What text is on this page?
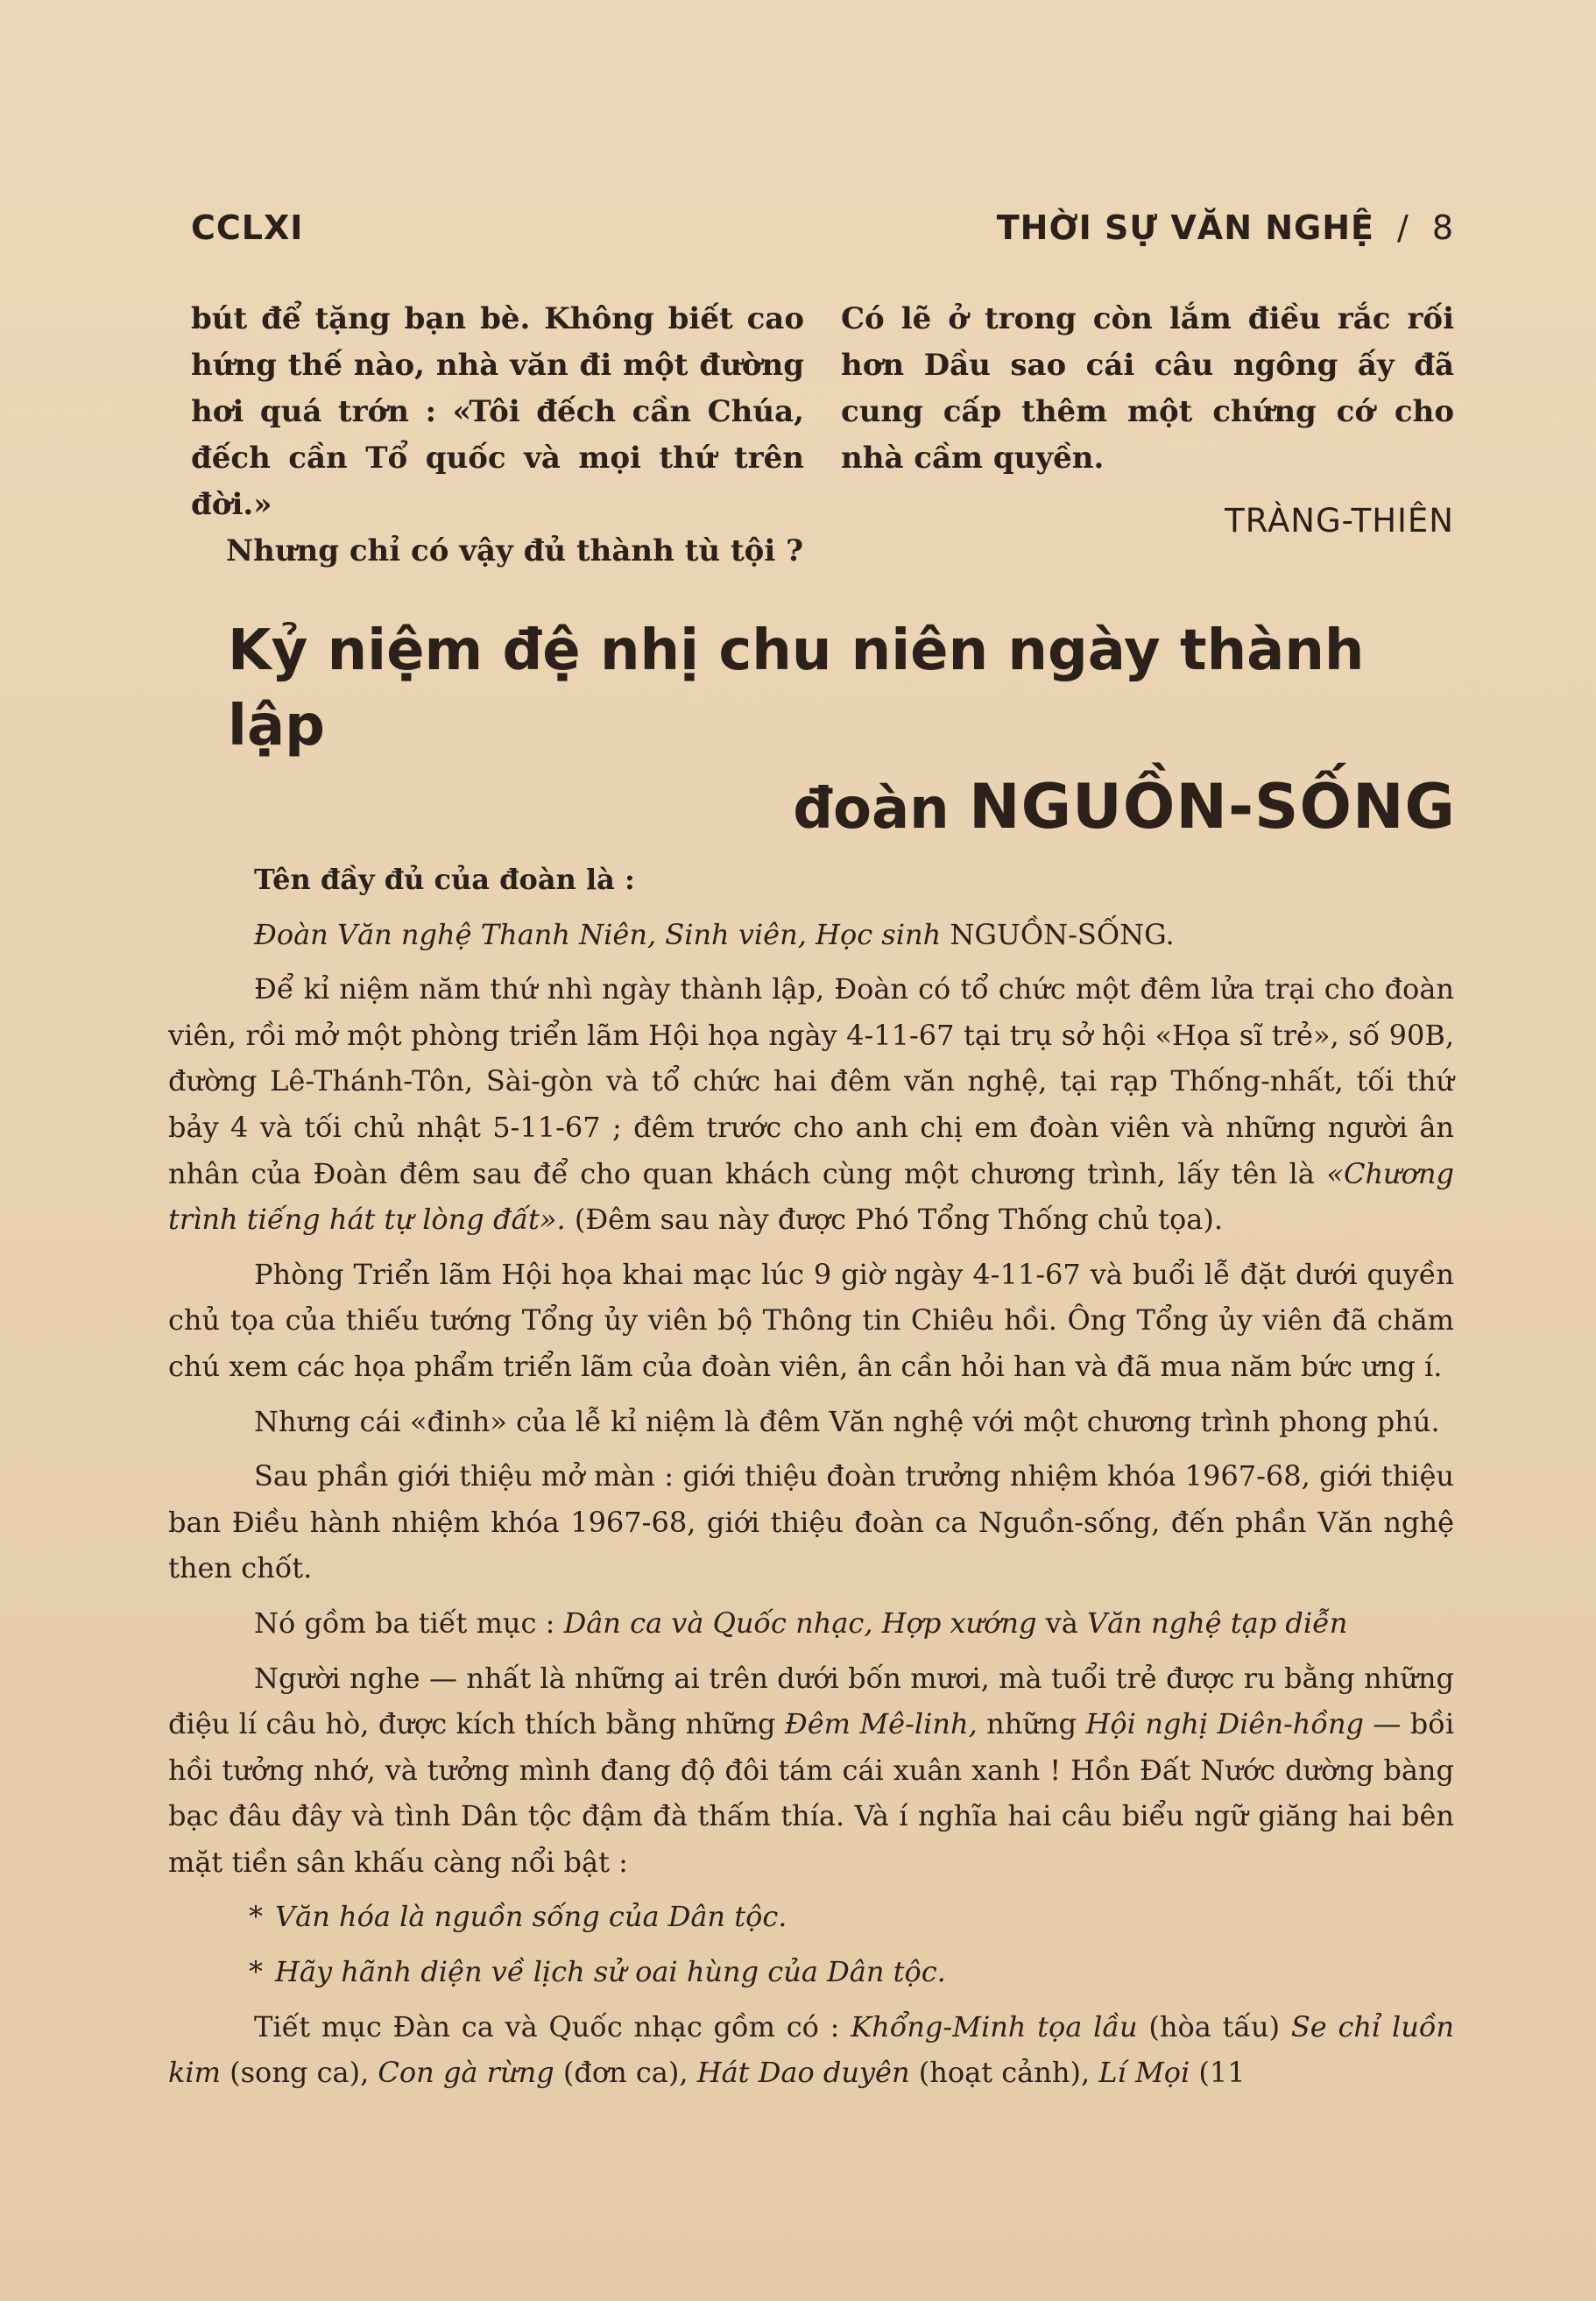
CCLXI	THỜI SỰ VĂN NGHỆ / 8

bút để tặng bạn bè. Không biết cao hứng thế nào, nhà văn đi một đường hơi quá trớn : «Tôi đếch cần Chúa, đếch cần Tổ quốc và mọi thứ trên đời.»

Nhưng chỉ có vậy đủ thành tù tội ?

Có lẽ ở trong còn lắm điều rắc rối hơn Dầu sao cái câu ngông ấy đã cung cấp thêm một chứng cớ cho nhà cầm quyền.

TRÀNG-THIÊN
Kỷ niệm đệ nhị chu niên ngày thành lập
đoàn NGUỒN-SỐNG

Tên đầy đủ của đoàn là :

Đoàn Văn nghệ Thanh Niên, Sinh viên, Học sinh NGUỒN-SỐNG.

Để kỉ niệm năm thứ nhì ngày thành lập, Đoàn có tổ chức một đêm lửa trại cho đoàn viên, rồi mở một phòng triển lãm Hội họa ngày 4-11-67 tại trụ sở hội «Họa sĩ trẻ», số 90B, đường Lê-Thánh-Tôn, Sài-gòn và tổ chức hai đêm văn nghệ, tại rạp Thống-nhất, tối thứ bảy 4 và tối chủ nhật 5-11-67 ; đêm trước cho anh chị em đoàn viên và những người ân nhân của Đoàn đêm sau để cho quan khách cùng một chương trình, lấy tên là «Chương trình tiếng hát tự lòng đất». (Đêm sau này được Phó Tổng Thống chủ tọa).

Phòng Triển lãm Hội họa khai mạc lúc 9 giờ ngày 4-11-67 và buổi lễ đặt dưới quyền chủ tọa của thiếu tướng Tổng ủy viên bộ Thông tin Chiêu hồi. Ông Tổng ủy viên đã chăm chú xem các họa phẩm triển lãm của đoàn viên, ân cần hỏi han và đã mua năm bức ưng í.

Nhưng cái «đinh» của lễ kỉ niệm là đêm Văn nghệ với một chương trình phong phú.

Sau phần giới thiệu mở màn : giới thiệu đoàn trưởng nhiệm khóa 1967-68, giới thiệu ban Điều hành nhiệm khóa 1967-68, giới thiệu đoàn ca Nguồn-sống, đến phần Văn nghệ then chốt.

Nó gồm ba tiết mục : Dân ca và Quốc nhạc, Hợp xướng và Văn nghệ tạp diễn

Người nghe — nhất là những ai trên dưới bốn mươi, mà tuổi trẻ được ru bằng những điệu lí câu hò, được kích thích bằng những Đêm Mê-linh, những Hội nghị Diên-hồng — bồi hồi tưởng nhớ, và tưởng mình đang độ đôi tám cái xuân xanh ! Hồn Đất Nước dường bàng bạc đâu đây và tình Dân tộc đậm đà thấm thía. Và í nghĩa hai câu biểu ngữ giăng hai bên mặt tiền sân khấu càng nổi bật :

* Văn hóa là nguồn sống của Dân tộc.

* Hãy hãnh diện về lịch sử oai hùng của Dân tộc.

Tiết mục Đàn ca và Quốc nhạc gồm có : Khổng-Minh tọa lầu (hòa tấu) Se chỉ luồn kim (song ca), Con gà rừng (đơn ca), Hát Dao duyên (hoạt cảnh), Lí Mọi (11
